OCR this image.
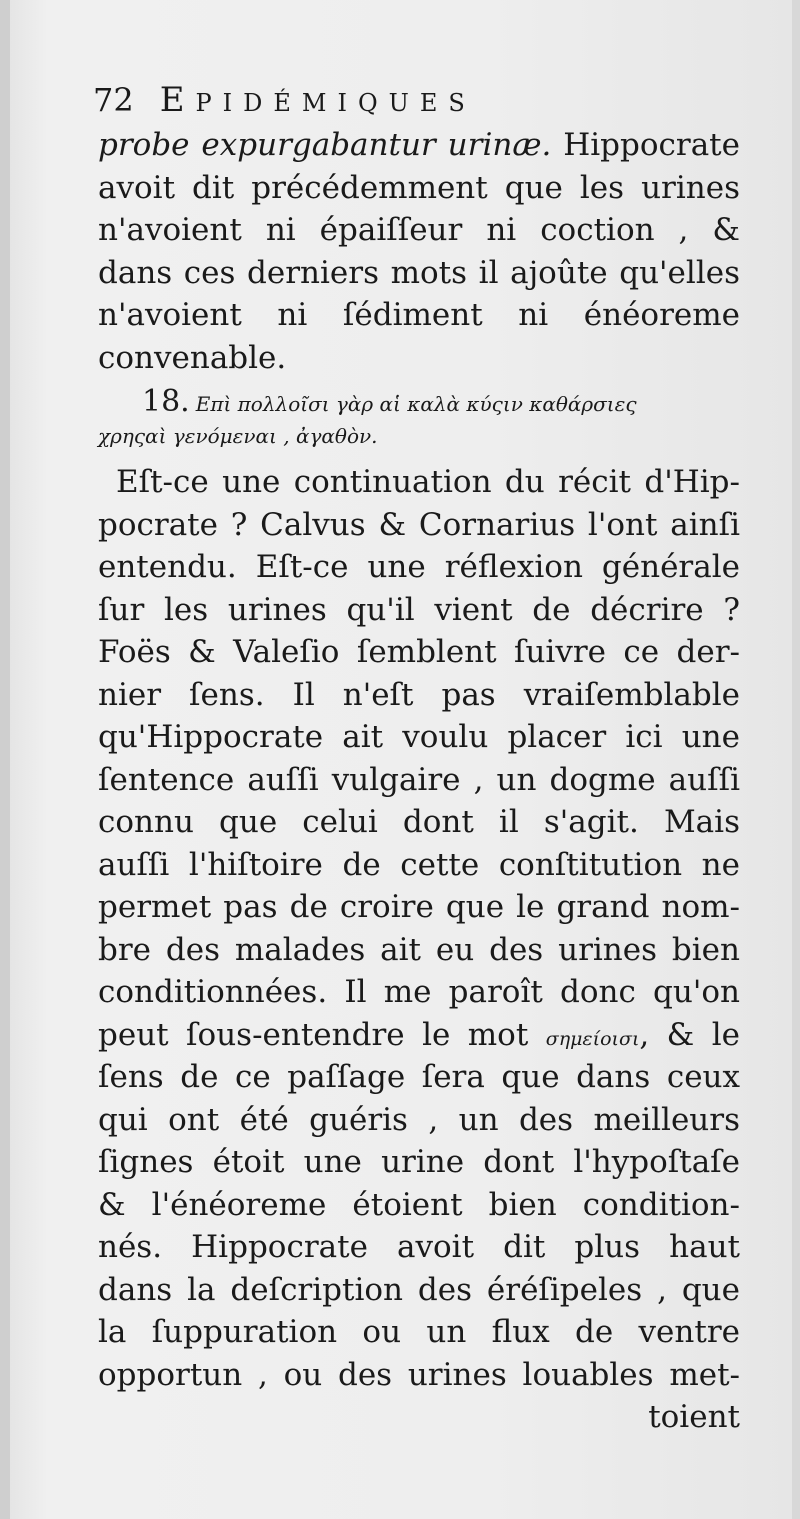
72 Epidémiques
probe expurgabantur urinæ. Hippocrate
avoit dit précédemment que les urines
n'avoient ni épaiſſeur ni coction , &
dans ces derniers mots il ajoûte qu'elles
n'avoient ni ſédiment ni énéoreme
convenable.
18. Επὶ πολλοῖσι γὰρ αἱ καλὰ κύςιν καθάρσιες
χρηςαὶ γενόμεναι , ἀγαθὸν.
Eſt-ce une continuation du récit d'Hip-
pocrate ? Calvus & Cornarius l'ont ainſi
entendu. Eſt-ce une réflexion générale
ſur les urines qu'il vient de décrire ?
Foës & Valeſio ſemblent ſuivre ce der-
nier ſens. Il n'eſt pas vraiſemblable
qu'Hippocrate ait voulu placer ici une
ſentence auſſi vulgaire , un dogme auſſi
connu que celui dont il s'agit. Mais
auſſi l'hiſtoire de cette conſtitution ne
permet pas de croire que le grand nom-
bre des malades ait eu des urines bien
conditionnées. Il me paroît donc qu'on
peut ſous-entendre le mot σημείοισι, & le
ſens de ce paſſage ſera que dans ceux
qui ont été guéris , un des meilleurs
ſignes étoit une urine dont l'hypoſtaſe
& l'énéoreme étoient bien condition-
nés. Hippocrate avoit dit plus haut
dans la deſcription des éréſipeles , que
la ſuppuration ou un flux de ventre
opportun , ou des urines louables met-
toient
